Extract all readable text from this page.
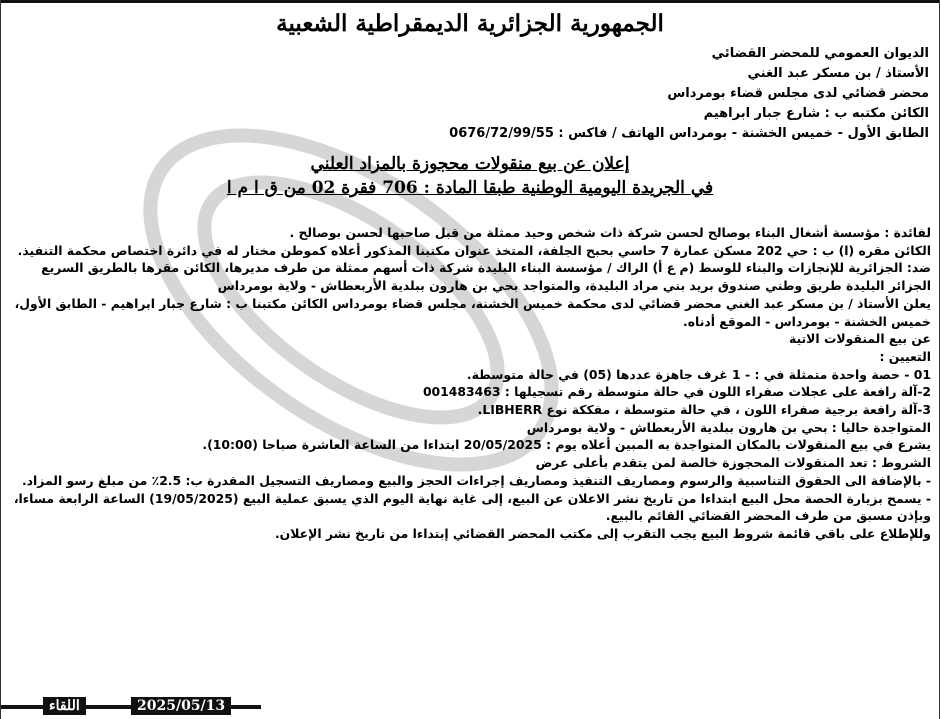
الجمهورية الجزائرية الديمقراطية الشعبية
الديوان العمومي للمحضر القضائي
الأستاذ / بن مسكر عبد الغني
محضر قضائي لدى مجلس قضاء بومرداس
الكائن مكتبه ب : شارع جبار ابراهيم
الطابق الأول - خميس الخشنة - بومرداس الهاتف / فاكس : 0676/72/99/55
إعلان عن بيع منقولات محجوزة بالمزاد العلني
في الجريدة اليومية الوطنية طبقا المادة : 706 فقرة 02 من ق ا م ا

لفائدة : مؤسسة أشغال البناء بوصالح لحسن شركة ذات شخص وحيد ممثلة من قبل صاحبها لحسن بوصالح .

الكائن مقره (ا) ب : حي 202 مسكن عمارة 7 حاسي بحبح الجلفة، المتخذ عنوان مكتبنا المذكور أعلاه كموطن مختار له في دائرة اختصاص محكمة التنفيذ.

ضد: الجزائرية للإنجازات والبناء للوسط (م ع أ) الراك / مؤسسة البناء البليدة شركة ذات أسهم ممثلة من طرف مديرها، الكائن مقرها بالطريق السريع الجزائر البليدة طريق وطني صندوق بريد بني مراد البليدة، والمتواجد بحي بن هارون ببلدية الأربعطاش - ولاية بومرداس

يعلن الأستاذ / بن مسكر عبد الغني محضر قضائي لدى محكمة خميس الخشنة، مجلس قضاء بومرداس الكائن مكتبنا ب : شارع جبار ابراهيم - الطابق الأول، خميس الخشنة - بومرداس - الموقع أدناه.

عن بيع المنقولات الاتية

التعيين :

01 - حصة واحدة متمثلة في : - 1 غرف جاهزة عددها (05) في حالة متوسطة.

2-آلة رافعة على عجلات صفراء اللون في حالة متوسطة رقم تسجيلها : 001483463

3-آلة رافعة برجية صفراء اللون ، في حالة متوسطة ، مفككة نوع LIBHERR.

المتواجدة حاليا : بحي بن هارون ببلدية الأربعطاش - ولاية بومرداس

يشرع في بيع المنقولات بالمكان المتواجدة به المبين أعلاه يوم : 20/05/2025 ابتداءا من الساعة العاشرة صباحا (10:00).

الشروط : تعد المنقولات المحجوزة خالصة لمن يتقدم بأعلى عرض

- بالإضافة الى الحقوق التناسبية والرسوم ومصاريف التنفيذ ومصاريف إجراءات الحجز والبيع ومصاريف التسجيل المقدرة ب: 2.5٪ من مبلغ رسو المزاد.

- يسمح بزيارة الحصة محل البيع ابتداءا من تاريخ نشر الاعلان عن البيع، إلى غاية نهاية اليوم الذي يسبق عملية البيع (19/05/2025) الساعة الرابعة مساءا، وبإذن مسبق من طرف المحضر القضائي القائم بالبيع.

وللإطلاع على باقي قائمة شروط البيع يجب التقرب إلى مكتب المحضر القضائي إبتداءا من تاريخ نشر الإعلان.

اللقاء	2025/05/13
